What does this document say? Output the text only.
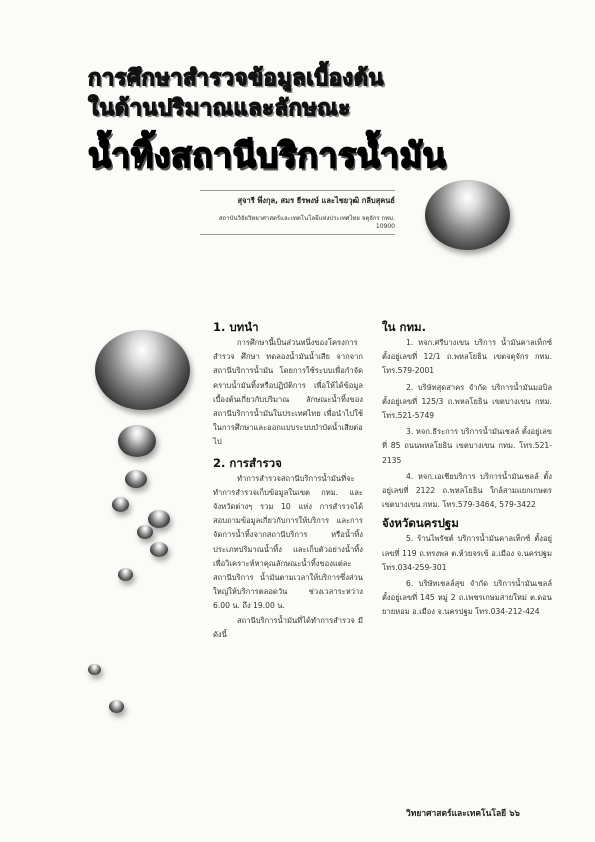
การศึกษาสำรวจข้อมูลเบื้องต้น
ในด้านปริมาณและลักษณะ
น้ำทิ้งสถานีบริการน้ำมัน
สุจารี พึ่งกุล, สมร ธีรพงษ์ และไชยวุฒิ กลีบสุคนธ์
สถาบันวิจัยวิทยาศาสตร์และเทคโนโลยีแห่งประเทศไทย จตุจักร กทม. 10900
1. บทนำ

การศึกษานี้เป็นส่วนหนึ่งของโครงการสำรวจ ศึกษา ทดลองน้ำมันน้ำเสีย จากจากสถานีบริการน้ำมัน โดยการใช้ระบบเพื่อกำจัดคราบน้ำมันทิ้งหรือปฏิบัติการ เพื่อให้ได้ข้อมูลเบื้องต้นเกี่ยวกับปริมาณ ลักษณะน้ำทิ้งของสถานีบริการน้ำมันในประเทศไทย เพื่อนำไปใช้ในการศึกษาและออกแบบระบบบำบัดน้ำเสียต่อไป

2. การสำรวจ

ทำการสำรวจสถานีบริการน้ำมันที่จะทำการสำรวจเก็บข้อมูลในเขต กทม. และจังหวัดต่างๆ รวม 10 แห่ง การสำรวจได้สอบถามข้อมูลเกี่ยวกับการให้บริการ และการจัดการน้ำทิ้งจากสถานีบริการ หรือน้ำทิ้งประเภทปริมาณน้ำทิ้ง และเก็บตัวอย่างน้ำทิ้งเพื่อวิเคราะห์หาคุณลักษณะน้ำทิ้งของแต่ละสถานีบริการ น้ำมันตามเวลาให้บริการซึ่งส่วนใหญ่ให้บริการตลอดวัน ช่วงเวลาระหว่าง 6.00 น. ถึง 19.00 น.

สถานีบริการน้ำมันที่ได้ทำการสำรวจ มีดังนี้

ใน กทม.

1. หจก.ศรีบางเขน บริการ น้ำมันคาลเท็กซ์ ตั้งอยู่เลขที่ 12/1 ถ.พหลโยธิน เขตจตุจักร กทม. โทร.579-2001

2. บริษัทสุดสาคร จำกัด บริการน้ำมันมอบิล ตั้งอยู่เลขที่ 125/3 ถ.พหลโยธิน เขตบางเขน กทม. โทร.521-5749

3. หจก.ธีระการ บริการน้ำมันเชลล์ ตั้งอยู่เลขที่ 85 ถนนพหลโยธิน เขตบางเขน กทม. โทร.521-2135

4. หจก.เอเชียบริการ บริการน้ำมันเชลล์ ตั้งอยู่เลขที่ 2122 ถ.พหลโยธิน ใกล้สามแยกเกษตร เขตบางเขน กทม. โทร.579-3464, 579-3422

จังหวัดนครปฐม

5. ร้านไพรัชต์ บริการน้ำมันคาลเท็กซ์ ตั้งอยู่เลขที่ 119 ถ.ทรงพล ต.ห้วยจรเข้ อ.เมือง จ.นครปฐม โทร.034-259-301

6. บริษัทเชลล์สุข จำกัด บริการน้ำมันเชลล์ ตั้งอยู่เลขที่ 145 หมู่ 2 ถ.เพชรเกษมสายใหม่ ต.ดอนยายหอม อ.เมือง จ.นครปฐม โทร.034-212-424

วิทยาศาสตร์และเทคโนโลยี ๖๖
